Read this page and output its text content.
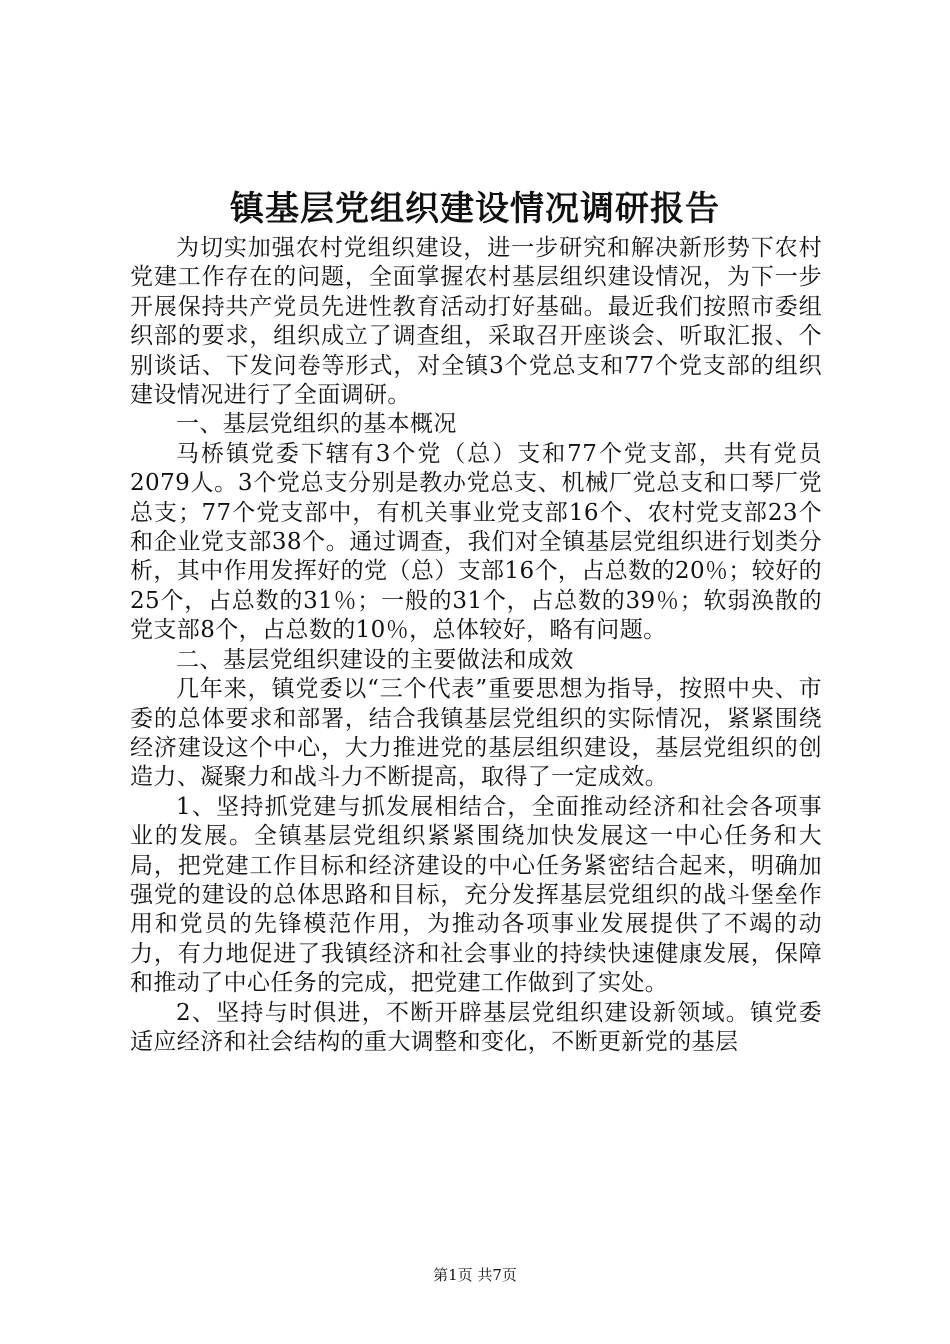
镇基层党组织建设情况调研报告

为切实加强农村党组织建设，进一步研究和解决新形势下农村党建工作存在的问题，全面掌握农村基层组织建设情况，为下一步开展保持共产党员先进性教育活动打好基础。最近我们按照市委组织部的要求，组织成立了调查组，采取召开座谈会、听取汇报、个别谈话、下发问卷等形式，对全镇3个党总支和77个党支部的组织建设情况进行了全面调研。

一、基层党组织的基本概况

马桥镇党委下辖有3个党（总）支和77个党支部，共有党员2079人。3个党总支分别是教办党总支、机械厂党总支和口琴厂党总支；77个党支部中，有机关事业党支部16个、农村党支部23个和企业党支部38个。通过调查，我们对全镇基层党组织进行划类分析，其中作用发挥好的党（总）支部16个，占总数的20％；较好的25个，占总数的31％；一般的31个，占总数的39％；软弱涣散的党支部8个，占总数的10％，总体较好，略有问题。

二、基层党组织建设的主要做法和成效

几年来，镇党委以“三个代表”重要思想为指导，按照中央、市委的总体要求和部署，结合我镇基层党组织的实际情况，紧紧围绕经济建设这个中心，大力推进党的基层组织建设，基层党组织的创造力、凝聚力和战斗力不断提高，取得了一定成效。

1、坚持抓党建与抓发展相结合，全面推动经济和社会各项事业的发展。全镇基层党组织紧紧围绕加快发展这一中心任务和大局，把党建工作目标和经济建设的中心任务紧密结合起来，明确加强党的建设的总体思路和目标，充分发挥基层党组织的战斗堡垒作用和党员的先锋模范作用，为推动各项事业发展提供了不竭的动力，有力地促进了我镇经济和社会事业的持续快速健康发展，保障和推动了中心任务的完成，把党建工作做到了实处。

2、坚持与时俱进，不断开辟基层党组织建设新领域。镇党委适应经济和社会结构的重大调整和变化，不断更新党的基层

第1页 共7页
